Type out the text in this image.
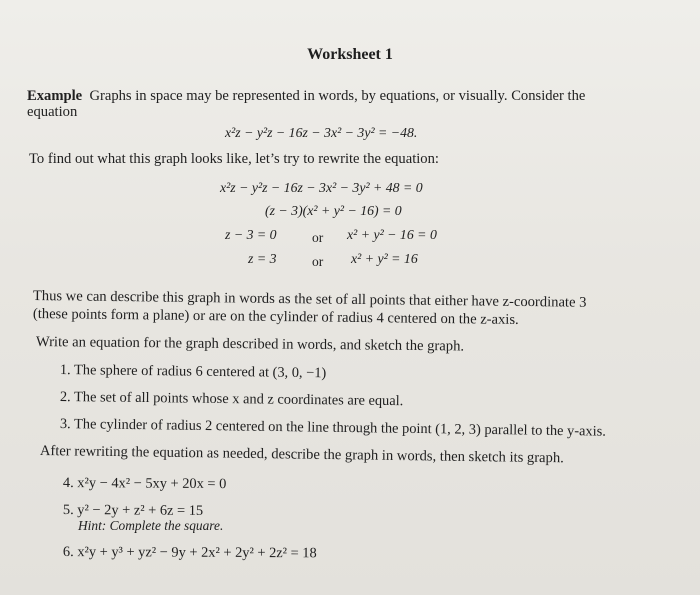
Worksheet 1
Example Graphs in space may be represented in words, by equations, or visually. Consider the
equation
x²z − y²z − 16z − 3x² − 3y² = −48.
To find out what this graph looks like, let’s try to rewrite the equation:
x²z − y²z − 16z − 3x² − 3y² + 48 = 0
(z − 3)(x² + y² − 16) = 0
z − 3 = 0	or x² + y² − 16 = 0
z = 3	or x² + y² = 16
Thus we can describe this graph in words as the set of all points that either have z-coordinate 3
(these points form a plane) or are on the cylinder of radius 4 centered on the z-axis.
Write an equation for the graph described in words, and sketch the graph.
1. The sphere of radius 6 centered at (3, 0, −1)
2. The set of all points whose x and z coordinates are equal.
3. The cylinder of radius 2 centered on the line through the point (1, 2, 3) parallel to the y-axis.
After rewriting the equation as needed, describe the graph in words, then sketch its graph.
4. x²y − 4x² − 5xy + 20x = 0
5. y² − 2y + z² + 6z = 15
Hint: Complete the square.
6. x²y + y³ + yz² − 9y + 2x² + 2y² + 2z² = 18
